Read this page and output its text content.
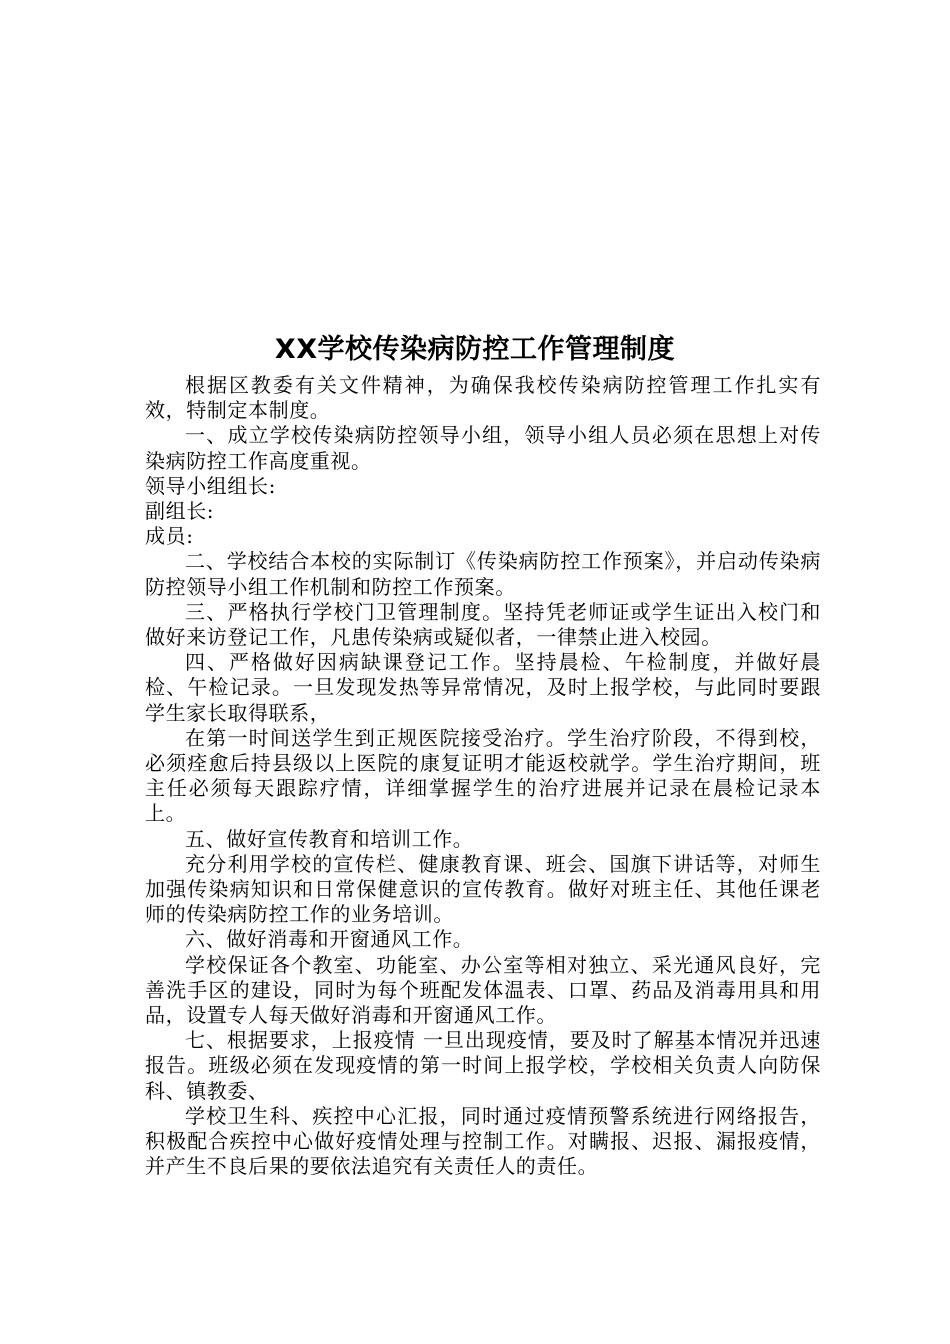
XX学校传染病防控工作管理制度

根据区教委有关文件精神，为确保我校传染病防控管理工作扎实有效，特制定本制度。

一、成立学校传染病防控领导小组，领导小组人员必须在思想上对传染病防控工作高度重视。

领导小组组长:

副组长:

成员:

二、学校结合本校的实际制订《传染病防控工作预案》，并启动传染病防控领导小组工作机制和防控工作预案。

三、严格执行学校门卫管理制度。坚持凭老师证或学生证出入校门和做好来访登记工作，凡患传染病或疑似者，一律禁止进入校园。

四、严格做好因病缺课登记工作。坚持晨检、午检制度，并做好晨检、午检记录。一旦发现发热等异常情况，及时上报学校，与此同时要跟学生家长取得联系，

在第一时间送学生到正规医院接受治疗。学生治疗阶段，不得到校，必须痊愈后持县级以上医院的康复证明才能返校就学。学生治疗期间，班主任必须每天跟踪疗情，详细掌握学生的治疗进展并记录在晨检记录本上。

五、做好宣传教育和培训工作。

充分利用学校的宣传栏、健康教育课、班会、国旗下讲话等，对师生加强传染病知识和日常保健意识的宣传教育。做好对班主任、其他任课老师的传染病防控工作的业务培训。

六、做好消毒和开窗通风工作。

学校保证各个教室、功能室、办公室等相对独立、采光通风良好，完善洗手区的建设，同时为每个班配发体温表、口罩、药品及消毒用具和用品，设置专人每天做好消毒和开窗通风工作。

七、根据要求，上报疫情 一旦出现疫情，要及时了解基本情况并迅速报告。班级必须在发现疫情的第一时间上报学校，学校相关负责人向防保科、镇教委、

学校卫生科、疾控中心汇报，同时通过疫情预警系统进行网络报告，积极配合疾控中心做好疫情处理与控制工作。对瞒报、迟报、漏报疫情，并产生不良后果的要依法追究有关责任人的责任。
